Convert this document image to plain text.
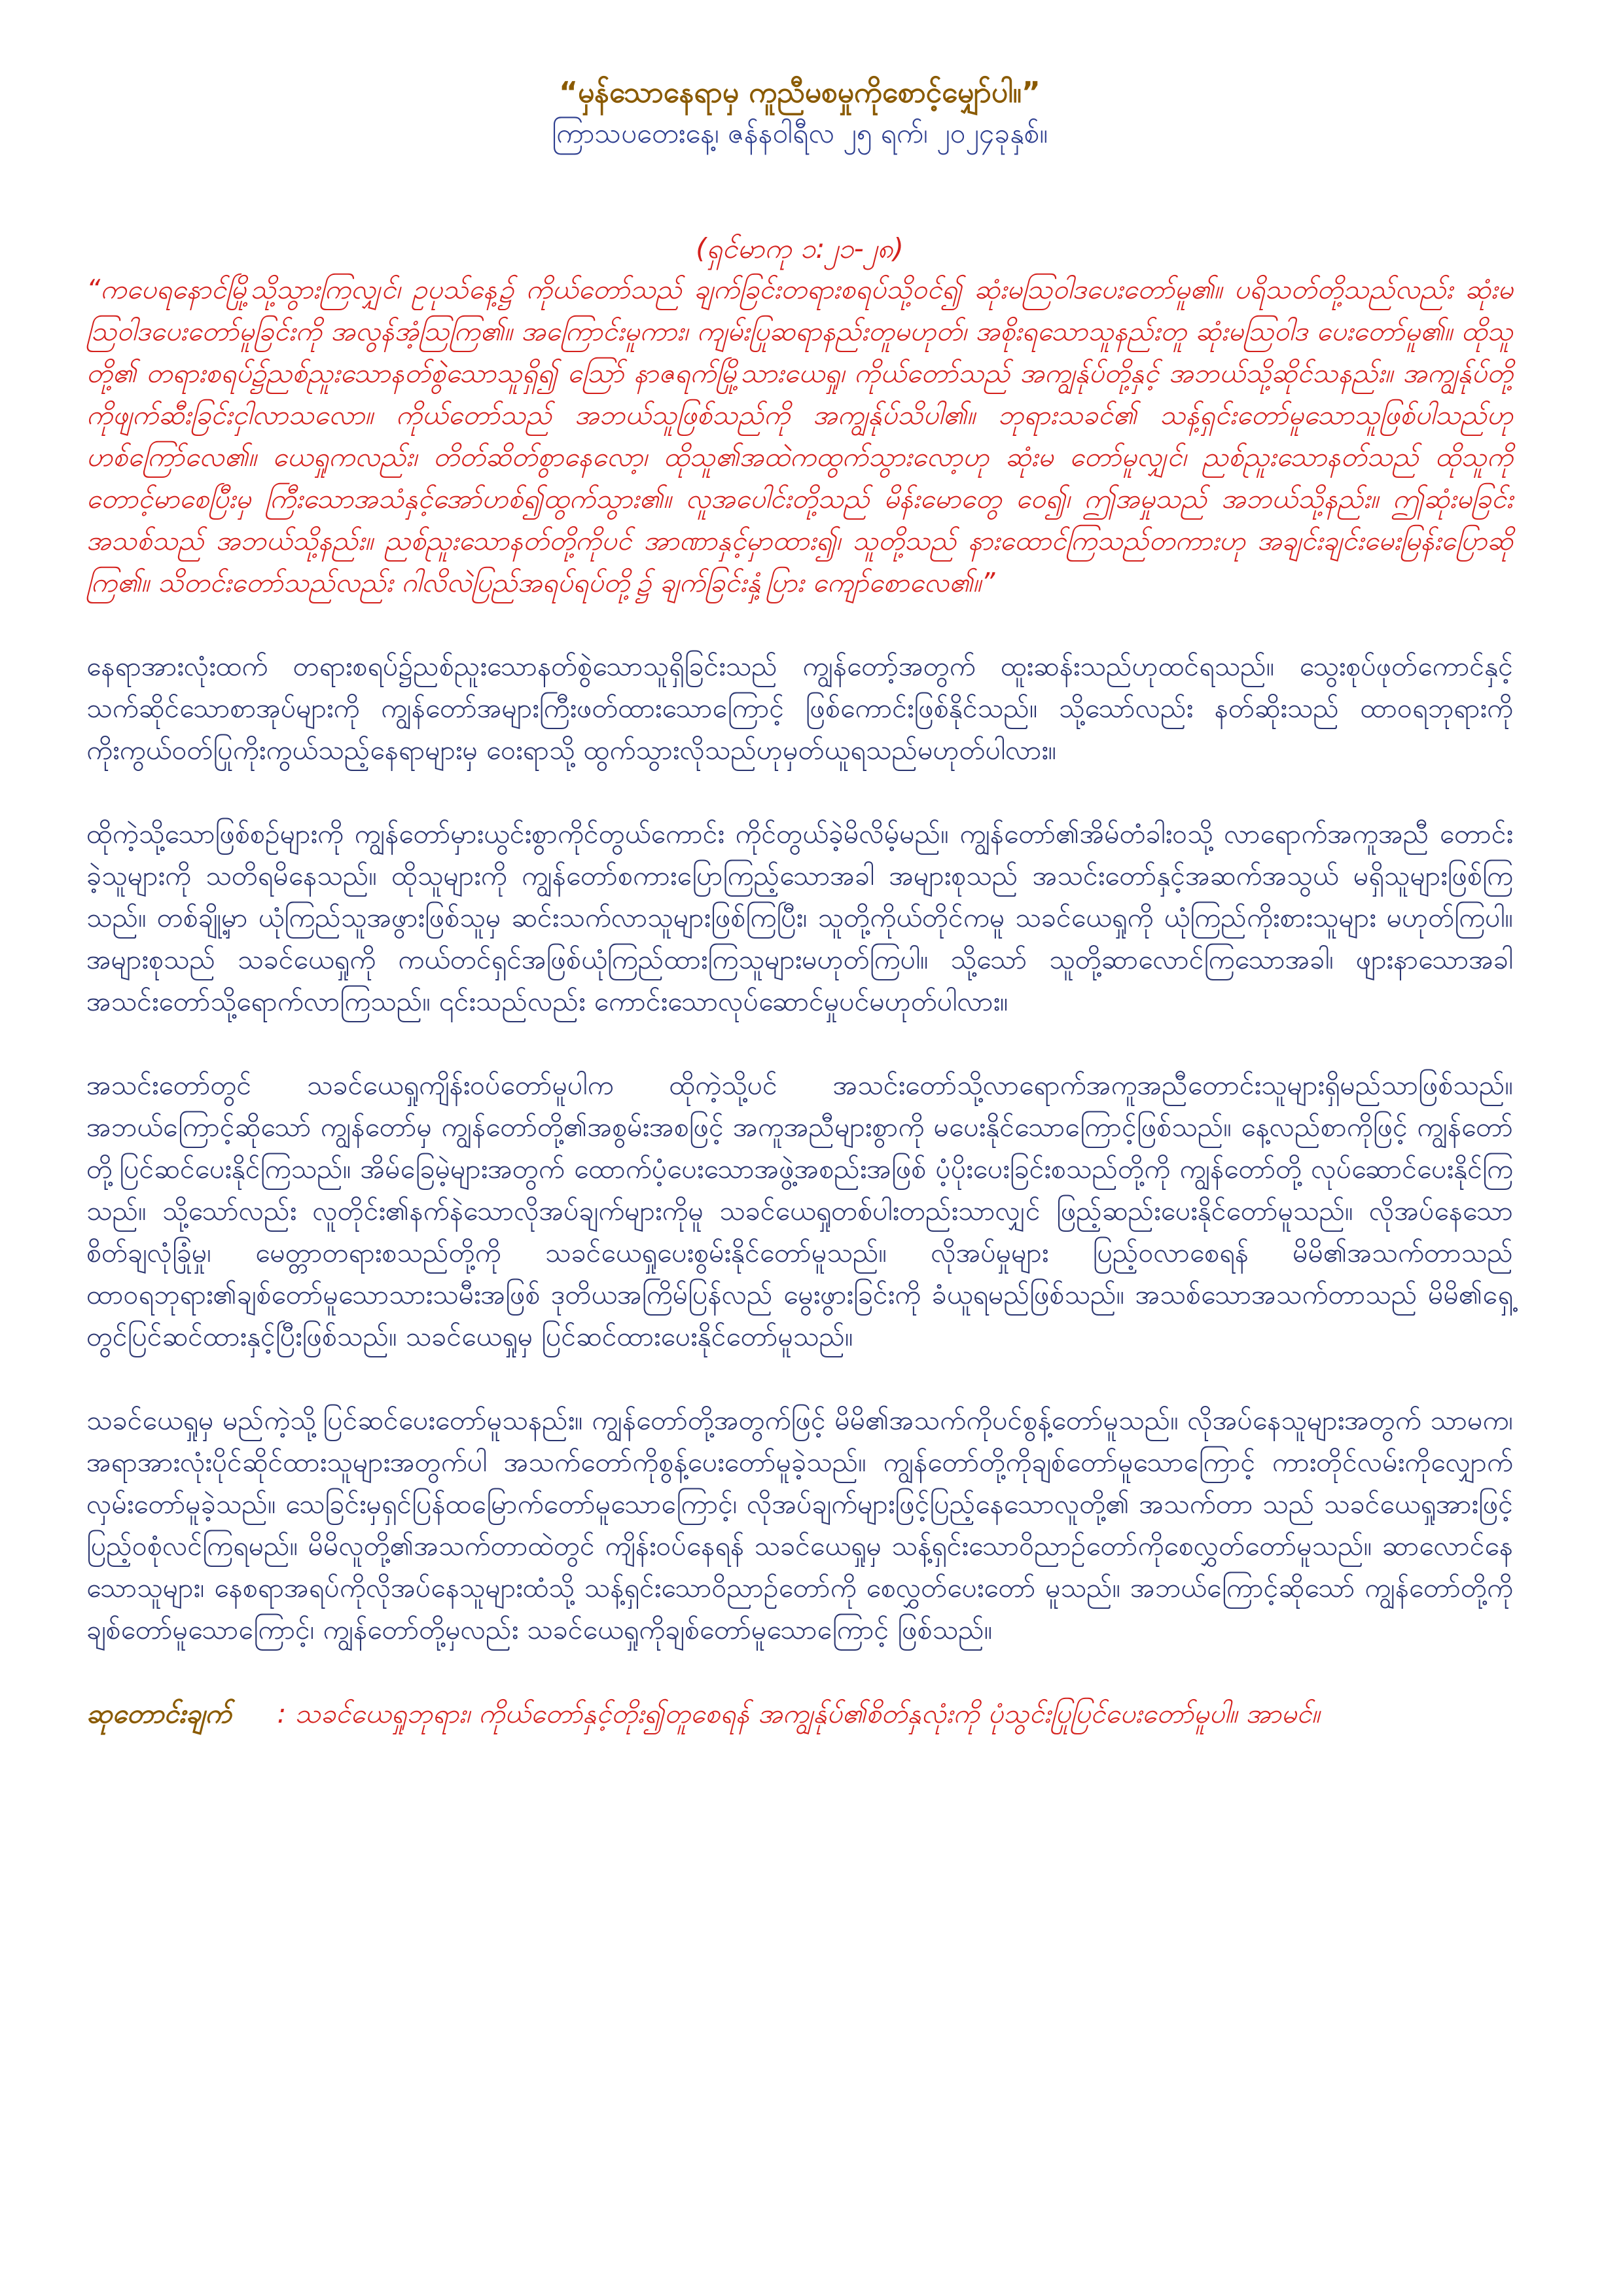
“မှန်သောနေရာမှ ကူညီမစမှုကိုစောင့်မျှော်ပါ။”

ကြာသပတေးနေ့၊ ဇန်နဝါရီလ ၂၅ ရက်၊ ၂၀၂၄ခုနှစ်။

(ရှင်မာကု ၁:၂၁-၂၈)

“ကပေရနောင်မြို့သို့သွားကြလျှင်၊ ဥပုသ်နေ့၌ ကိုယ်တော်သည် ချက်ခြင်းတရားစရပ်သို့ဝင်၍ ဆုံးမဩဝါဒပေးတော်မူ၏။ ပရိသတ်တို့သည်လည်း ဆုံးမဩဝါဒပေးတော်မူခြင်းကို အလွန်အံ့ဩကြ၏။ အကြောင်းမူကား၊ ကျမ်းပြုဆရာနည်းတူမဟုတ်၊ အစိုးရသောသူနည်းတူ ဆုံးမဩဝါဒ ပေးတော်မူ၏။ ထိုသူတို့၏ တရားစရပ်၌ညစ်ညူးသောနတ်စွဲသောသူရှိ၍ ဩော် နာဇရက်မြို့သားယေရှု၊ ကိုယ်တော်သည် အကျွန်ုပ်တို့နှင့် အဘယ်သို့ဆိုင်သနည်း။ အကျွန်ုပ်တို့ကိုဖျက်ဆီးခြင်းငှါလာသလော။ ကိုယ်တော်သည် အဘယ်သူဖြစ်သည်ကို အကျွန်ုပ်သိပါ၏။ ဘုရားသခင်၏ သန့်ရှင်းတော်မူသောသူဖြစ်ပါသည်ဟု ဟစ်ကြော်လေ၏။ ယေရှုကလည်း၊ တိတ်ဆိတ်စွာနေလော့၊ ထိုသူ၏အထဲကထွက်သွားလော့ဟု ဆုံးမ တော်မူလျှင်၊ ညစ်ညူးသောနတ်သည် ထိုသူကိုတောင့်မာစေပြီးမှ ကြီးသောအသံနှင့်အော်ဟစ်၍ထွက်သွား၏။ လူအပေါင်းတို့သည် မိန်းမောတွေ ဝေ၍၊ ဤအမှုသည် အဘယ်သို့နည်း။ ဤဆုံးမခြင်းအသစ်သည် အဘယ်သို့နည်း။ ညစ်ညူးသောနတ်တို့ကိုပင် အာဏာနှင့်မှာထား၍၊ သူတို့သည် နားထောင်ကြသည်တကားဟု အချင်းချင်းမေးမြန်းပြောဆိုကြ၏။ သိတင်းတော်သည်လည်း ဂါလိလဲပြည်အရပ်ရပ်တို့၌ ချက်ခြင်းနှံ့ပြား ကျော်စောလေ၏။”

နေရာအားလုံးထက် တရားစရပ်၌ညစ်ညူးသောနတ်စွဲသောသူရှိခြင်းသည် ကျွန်တော့်အတွက် ထူးဆန်းသည်ဟုထင်ရသည်။ သွေးစုပ်ဖုတ်ကောင်နှင့်သက်ဆိုင်သောစာအုပ်များကို ကျွန်တော်အများကြီးဖတ်ထားသောကြောင့် ဖြစ်ကောင်းဖြစ်နိုင်သည်။ သို့သော်လည်း နတ်ဆိုးသည် ထာဝရဘုရားကို ကိုးကွယ်ဝတ်ပြုကိုးကွယ်သည့်နေရာများမှ ဝေးရာသို့ ထွက်သွားလိုသည်ဟုမှတ်ယူရသည်မဟုတ်ပါလား။

ထိုကဲ့သို့သောဖြစ်စဉ်များကို ကျွန်တော်မှားယွင်းစွာကိုင်တွယ်ကောင်း ကိုင်တွယ်ခဲ့မိလိမ့်မည်။ ကျွန်တော်၏အိမ်တံခါးဝသို့ လာရောက်အကူအညီ တောင်းခဲ့သူများကို သတိရမိနေသည်။ ထိုသူများကို ကျွန်တော်စကားပြောကြည့်သောအခါ အများစုသည် အသင်းတော်နှင့်အဆက်အသွယ် မရှိသူများဖြစ်ကြသည်။ တစ်ချို့မှာ ယုံကြည်သူအဖွားဖြစ်သူမှ ဆင်းသက်လာသူများဖြစ်ကြပြီး၊ သူတို့ကိုယ်တိုင်ကမူ သခင်ယေရှုကို ယုံကြည်ကိုးစားသူများ မဟုတ်ကြပါ။ အများစုသည် သခင်ယေရှုကို ကယ်တင်ရှင်အဖြစ်ယုံကြည်ထားကြသူများမဟုတ်ကြပါ။ သို့သော် သူတို့ဆာလောင်ကြသောအခါ၊ ဖျားနာသောအခါ အသင်းတော်သို့ရောက်လာကြသည်။ ၎င်းသည်လည်း ကောင်းသောလုပ်ဆောင်မှုပင်မဟုတ်ပါလား။

အသင်းတော်တွင် သခင်ယေရှုကျိန်းဝပ်တော်မူပါက ထိုကဲ့သို့ပင် အသင်းတော်သို့လာရောက်အကူအညီတောင်းသူများရှိမည်သာဖြစ်သည်။ အဘယ်ကြောင့်ဆိုသော် ကျွန်တော်မှ ကျွန်တော်တို့၏အစွမ်းအစဖြင့် အကူအညီများစွာကို မပေးနိုင်သောကြောင့်ဖြစ်သည်။ နေ့လည်စာကိုဖြင့် ကျွန်တော်တို့ပြင်ဆင်ပေးနိုင်ကြသည်။ အိမ်ခြေမဲ့များအတွက် ထောက်ပံ့ပေးသောအဖွဲ့အစည်းအဖြစ် ပံ့ပိုးပေးခြင်းစသည်တို့ကို ကျွန်တော်တို့ လုပ်ဆောင်ပေးနိုင်ကြသည်။ သို့သော်လည်း လူတိုင်း၏နက်နဲသောလိုအပ်ချက်များကိုမူ သခင်ယေရှုတစ်ပါးတည်းသာလျှင် ဖြည့်ဆည်းပေးနိုင်တော်မူသည်။ လိုအပ်နေသော စိတ်ချလုံခြုံမှု၊ မေတ္တာတရားစသည်တို့ကို သခင်ယေရှုပေးစွမ်းနိုင်တော်မူသည်။ လိုအပ်မှုများ ပြည့်ဝလာစေရန် မိမိ၏အသက်တာသည် ထာဝရဘုရား၏ချစ်တော်မူသောသားသမီးအဖြစ် ဒုတိယအကြိမ်ပြန်လည် မွေးဖွားခြင်းကို ခံယူရမည်ဖြစ်သည်။ အသစ်သောအသက်တာသည် မိမိ၏ရှေ့တွင်ပြင်ဆင်ထားနှင့်ပြီးဖြစ်သည်။ သခင်ယေရှုမှ ပြင်ဆင်ထားပေးနိုင်တော်မူသည်။

သခင်ယေရှုမှ မည်ကဲ့သို့ပြင်ဆင်ပေးတော်မူသနည်း။ ကျွန်တော်တို့အတွက်ဖြင့် မိမိ၏အသက်ကိုပင်စွန့်တော်မူသည်။ လိုအပ်နေသူများအတွက် သာမက၊ အရာအားလုံးပိုင်ဆိုင်ထားသူများအတွက်ပါ အသက်တော်ကိုစွန့်ပေးတော်မူခဲ့သည်။ ကျွန်တော်တို့ကိုချစ်တော်မူသောကြောင့် ကားတိုင်လမ်းကိုလျှောက်လှမ်းတော်မူခဲ့သည်။ သေခြင်းမှရှင်ပြန်ထမြောက်တော်မူသောကြောင့်၊ လိုအပ်ချက်များဖြင့်ပြည့်နေသောလူတို့၏ အသက်တာ သည် သခင်ယေရှုအားဖြင့် ပြည့်ဝစုံလင်ကြရမည်။ မိမိလူတို့၏အသက်တာထဲတွင် ကျိန်းဝပ်နေရန် သခင်ယေရှုမှ သန့်ရှင်းသောဝိညာဉ်တော်ကိုစေလွှတ်တော်မူသည်။ ဆာလောင်နေသောသူများ၊ နေစရာအရပ်ကိုလိုအပ်နေသူများထံသို့ သန့်ရှင်းသောဝိညာဉ်တော်ကို စေလွှတ်ပေးတော် မူသည်။ အဘယ်ကြောင့်ဆိုသော် ကျွန်တော်တို့ကိုချစ်တော်မူသောကြောင့်၊ ကျွန်တော်တို့မှလည်း သခင်ယေရှုကိုချစ်တော်မူသောကြောင့် ဖြစ်သည်။

ဆုတောင်းချက် : သခင်ယေရှုဘုရား၊ ကိုယ်တော်နှင့်တိုး၍တူစေရန် အကျွန်ုပ်၏စိတ်နှလုံးကို ပုံသွင်းပြုပြင်ပေးတော်မူပါ။ အာမင်။
